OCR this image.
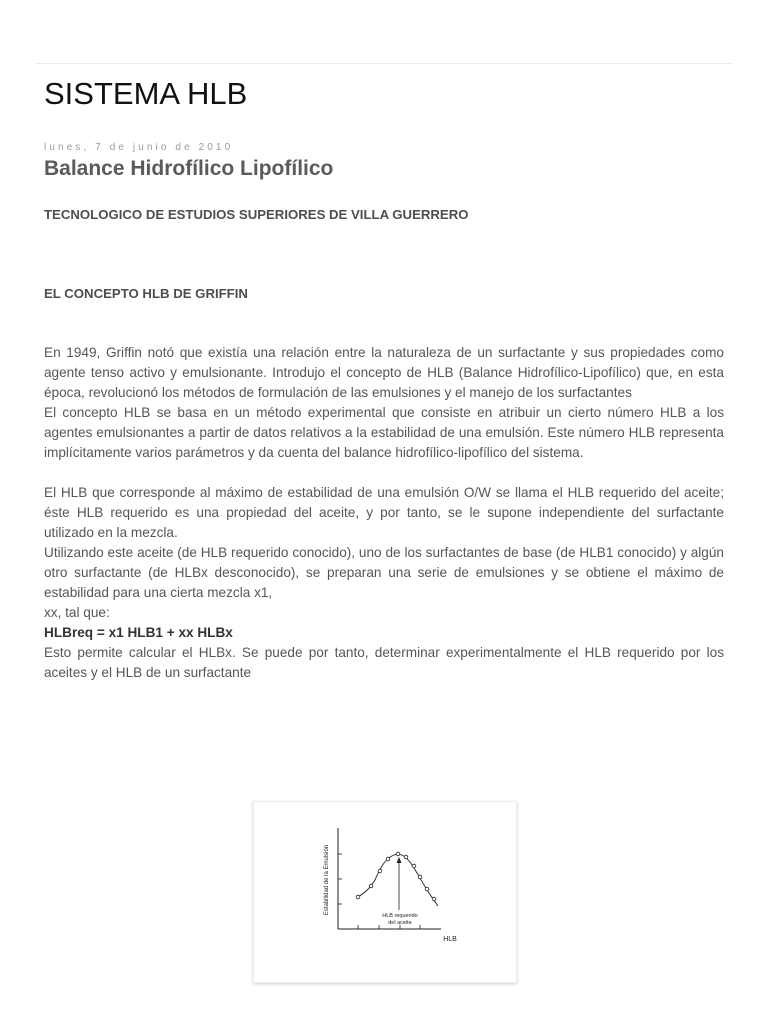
SISTEMA HLB
lunes, 7 de junio de 2010
Balance Hidrofílico Lipofílico

TECNOLOGICO DE ESTUDIOS SUPERIORES DE VILLA GUERRERO

EL CONCEPTO HLB DE GRIFFIN

En 1949, Griffin notó que existía una relación entre la naturaleza de un surfactante y sus propiedades como agente tenso activo y emulsionante. Introdujo el concepto de HLB (Balance Hidrofílico-Lipofílico) que, en esta época, revolucionó los métodos de formulación de las emulsiones y el manejo de los surfactantes

El concepto HLB se basa en un método experimental que consiste en atribuir un cierto número HLB a los agentes emulsionantes a partir de datos relativos a la estabilidad de una emulsión. Este número HLB representa implícitamente varios parámetros y da cuenta del balance hidrofílico-lipofílico del sistema.

El HLB que corresponde al máximo de estabilidad de una emulsión O/W se llama el HLB requerido del aceite; éste HLB requerido es una propiedad del aceite, y por tanto, se le supone independiente del surfactante utilizado en la mezcla.

Utilizando este aceite (de HLB requerido conocido), uno de los surfactantes de base (de HLB1 conocido) y algún otro surfactante (de HLBx desconocido), se preparan una serie de emulsiones y se obtiene el máximo de estabilidad para una cierta mezcla x1,

xx, tal que:

HLBreq = x1 HLB1 + xx HLBx

Esto permite calcular el HLBx. Se puede por tanto, determinar experimentalmente el HLB requerido por los aceites y el HLB de un surfactante

HLB requerido
del aceite
Estabilidad de la Emulsión
HLB
